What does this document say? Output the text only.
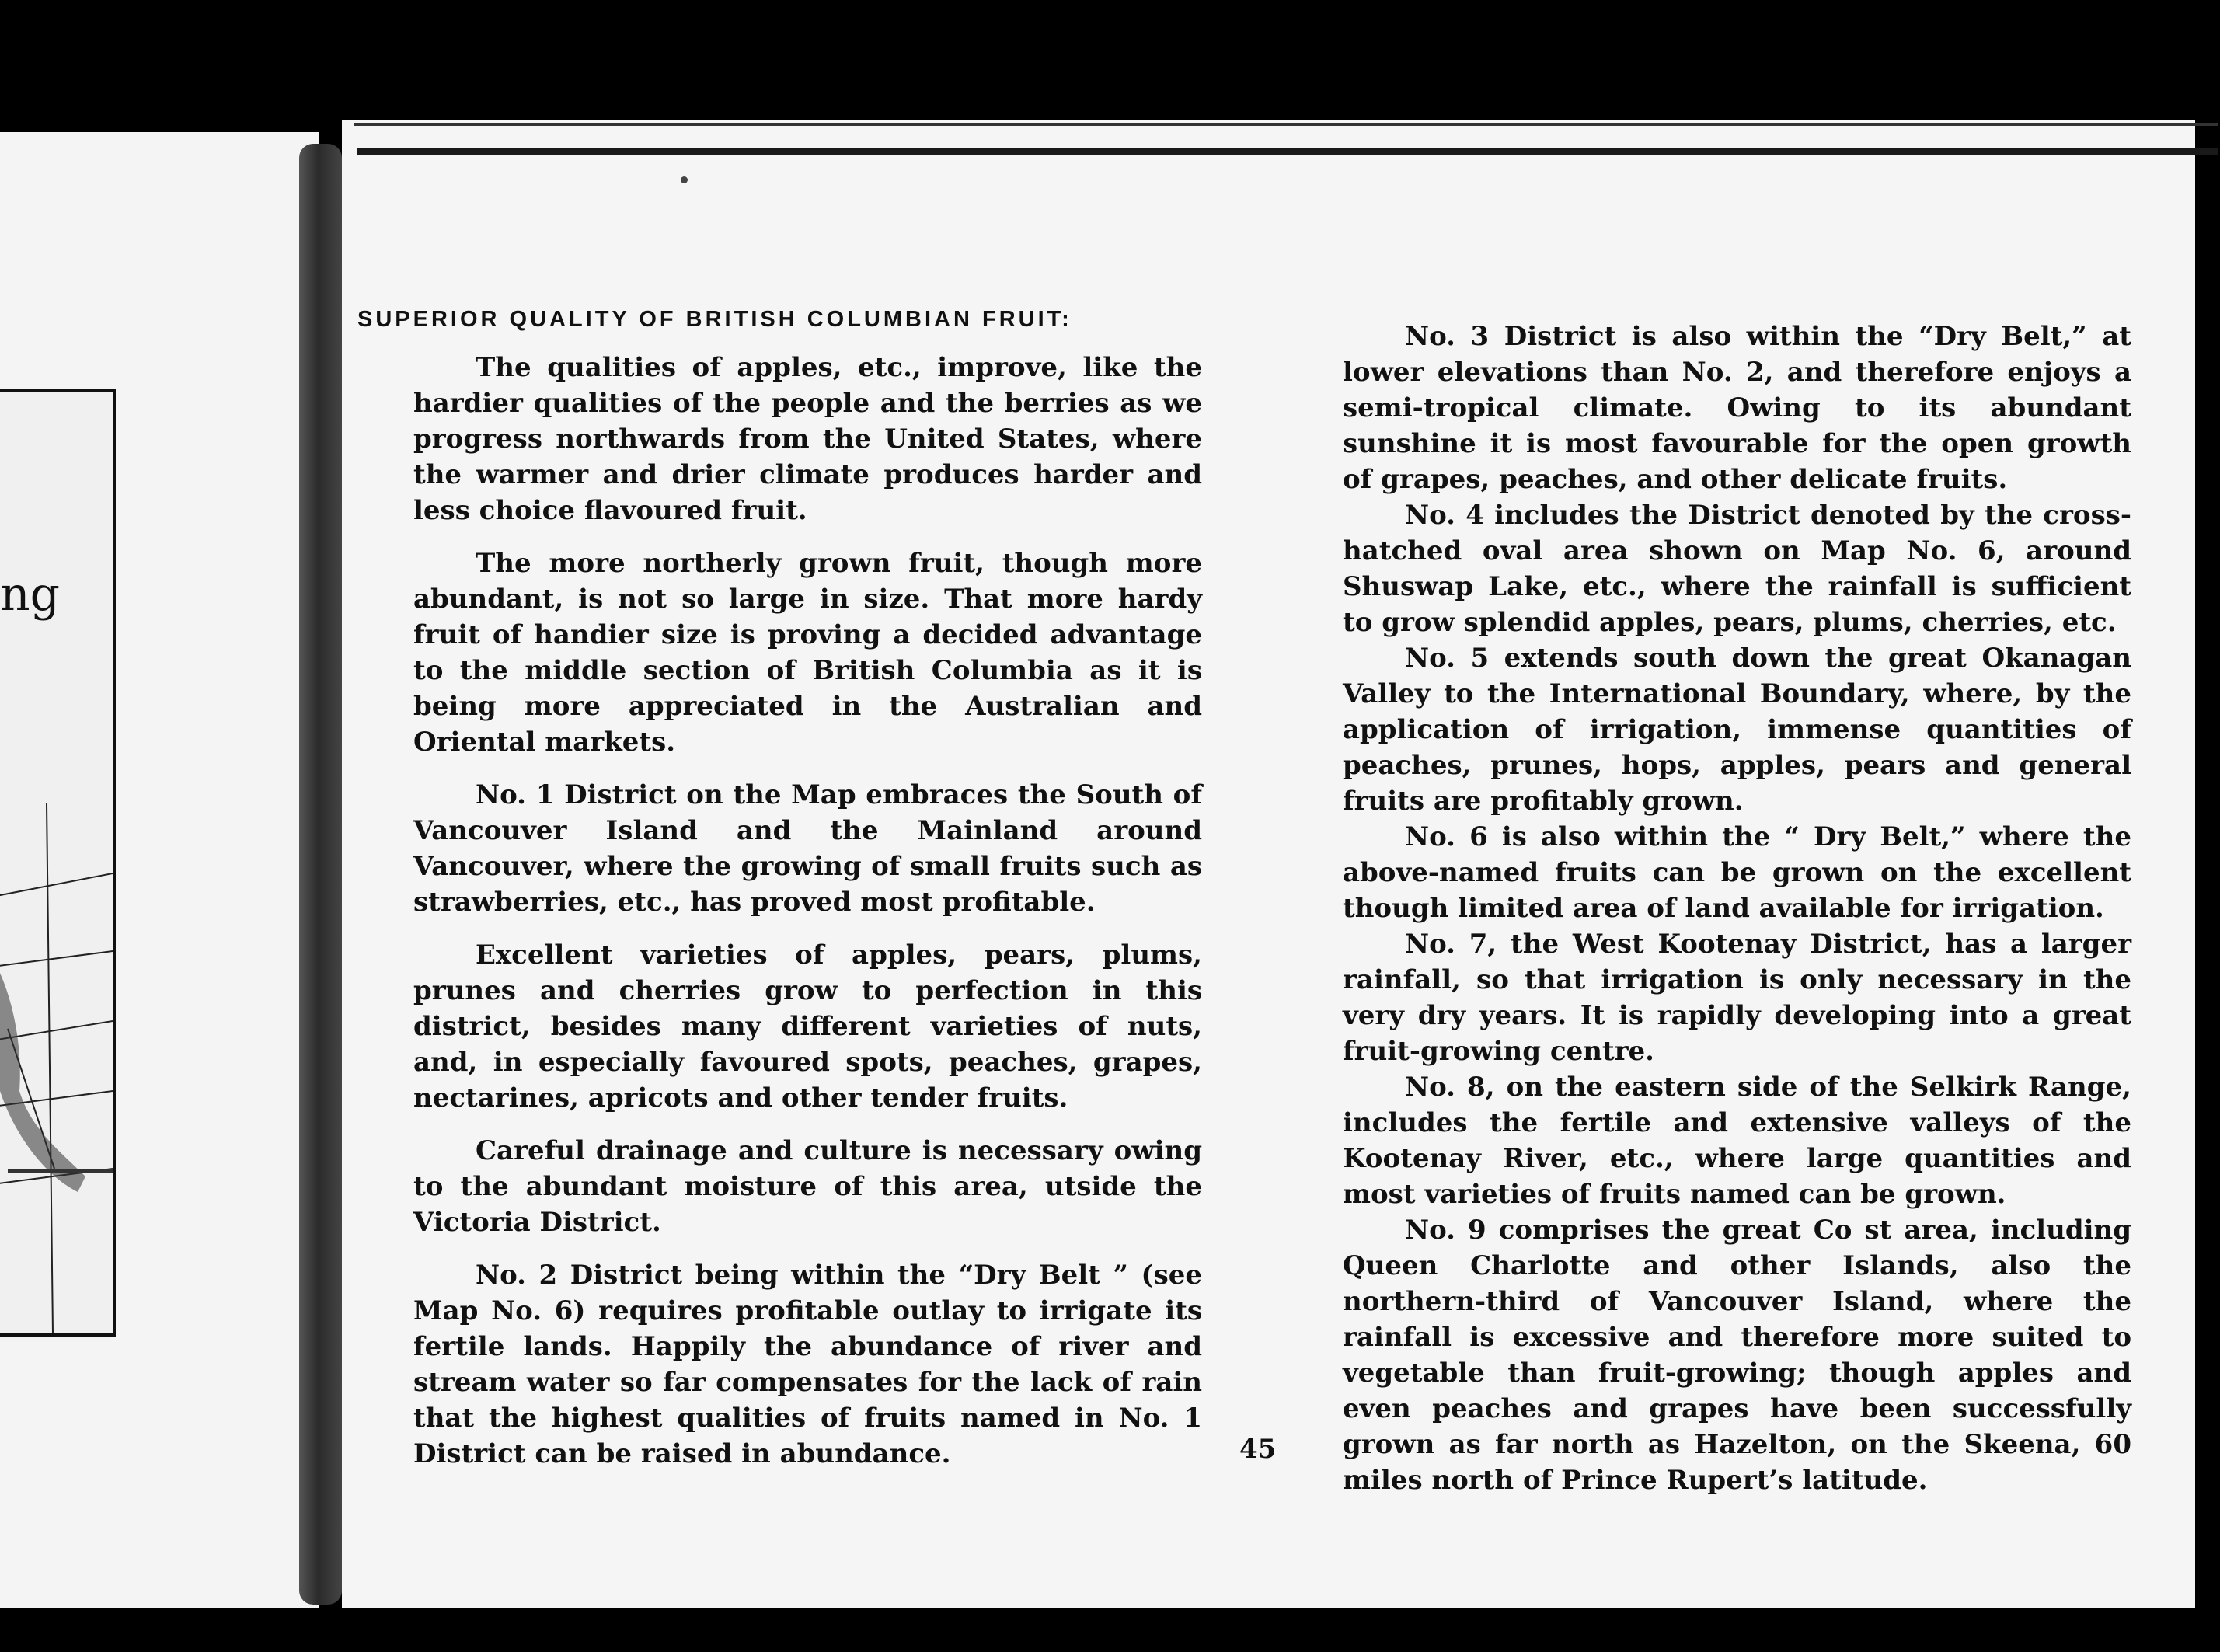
ng
SUPERIOR QUALITY OF BRITISH COLUMBIAN FRUIT:

The qualities of apples, etc., improve, like the hardier qualities of the people and the berries as we progress northwards from the United States, where the warmer and drier climate produces harder and less choice flavoured fruit.

The more northerly grown fruit, though more abundant, is not so large in size. That more hardy fruit of handier size is proving a decided advantage to the middle section of British Columbia as it is being more appreciated in the Australian and Oriental markets.

No. 1 District on the Map embraces the South of Vancouver Island and the Mainland around Vancouver, where the growing of small fruits such as strawberries, etc., has proved most profitable.

Excellent varieties of apples, pears, plums, prunes and cherries grow to perfection in this district, besides many different varieties of nuts, and, in especially favoured spots, peaches, grapes, nectarines, apricots and other tender fruits.

Careful drainage and culture is necessary owing to the abundant moisture of this area, utside the Victoria District.

No. 2 District being within the “Dry Belt ” (see Map No. 6) requires profitable outlay to irrigate its fertile lands. Happily the abundance of river and stream water so far compensates for the lack of rain that the highest qualities of fruits named in No. 1 District can be raised in abundance.

No. 3 District is also within the “Dry Belt,” at lower elevations than No. 2, and therefore enjoys a semi-tropical climate. Owing to its abundant sunshine it is most favourable for the open growth of grapes, peaches, and other delicate fruits.

No. 4 includes the District denoted by the cross-hatched oval area shown on Map No. 6, around Shuswap Lake, etc., where the rainfall is sufficient to grow splendid apples, pears, plums, cherries, etc.

No. 5 extends south down the great Okanagan Valley to the International Boundary, where, by the application of irrigation, immense quantities of peaches, prunes, hops, apples, pears and general fruits are profitably grown.

No. 6 is also within the “ Dry Belt,” where the above-named fruits can be grown on the excellent though limited area of land available for irrigation.

No. 7, the West Kootenay District, has a larger rainfall, so that irrigation is only necessary in the very dry years. It is rapidly developing into a great fruit-growing centre.

No. 8, on the eastern side of the Selkirk Range, includes the fertile and extensive valleys of the Kootenay River, etc., where large quantities and most varieties of fruits named can be grown.

No. 9 comprises the great Co st area, including Queen Charlotte and other Islands, also the northern-third of Vancouver Island, where the rainfall is excessive and therefore more suited to vegetable than fruit-growing; though apples and even peaches and grapes have been successfully grown as far north as Hazelton, on the Skeena, 60 miles north of Prince Rupert’s latitude.

45
